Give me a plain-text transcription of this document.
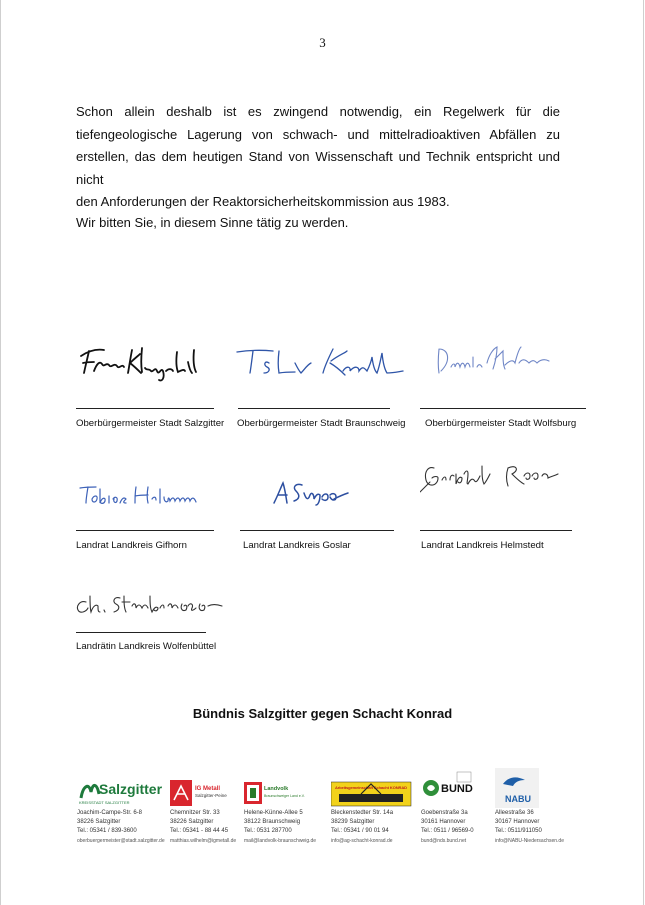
3
Schon allein deshalb ist es zwingend notwendig, ein Regelwerk für die
tiefengeologische Lagerung von schwach- und mittelradioaktiven Abfällen zu
erstellen, das dem heutigen Stand von Wissenschaft und Technik entspricht und nicht
den Anforderungen der Reaktorsicherheitskommission aus 1983.
Wir bitten Sie, in diesem Sinne tätig zu werden.
Frank Klingebiel
Oberbürgermeister Stadt Salzgitter
Tilo Kurth
Oberbürgermeister Stadt Braunschweig
Dennis Weilmann
Oberbürgermeister Stadt Wolfsburg
Tobias Heilmann
Landrat Landkreis Gifhorn
A Saipa
Landrat Landkreis Goslar
Gerhard Radeck
Landrat Landkreis Helmstedt
Ch. Steinbrügge
Landrätin Landkreis Wolfenbüttel
Bündnis Salzgitter gegen Schacht Konrad
Salzgitter
KREISSTADT SALZGITTER
Joachim-Campe-Str. 6-8
38226 Salzgitter
Tel.: 05341 / 839-3600
oberbuergermeister@stadt.salzgitter.de
IG Metall
Salzgitter-Peine
Chemnitzer Str. 33
38226 Salzgitter
Tel.: 05341 - 88 44 45
matthias.wilhelm@igmetall.de
Landvolk
Braunschweiger Land e.V.
Helene-Künne-Allee 5
38122 Braunschweig
Tel.: 0531 287700
mail@landvolk-braunschweig.de
Arbeitsgemeinschaft Schacht KONRAD
Bleckenstedter Str. 14a
38239 Salzgitter
Tel.: 05341 / 90 01 94
info@ag-schacht-konrad.de
BUND
Goebenstraße 3a
30161 Hannover
Tel.: 0511 / 96569-0
bund@nds.bund.net
NABU
Alleestraße 36
30167 Hannover
Tel.: 0511/911050
info@NABU-Niedersachsen.de
